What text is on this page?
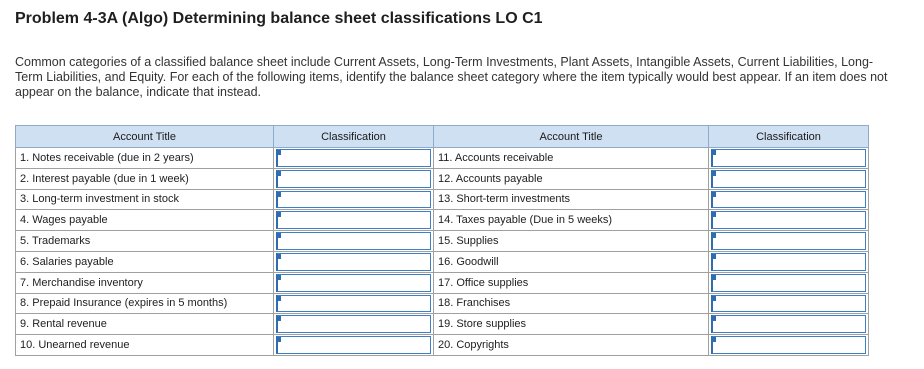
Problem 4-3A (Algo) Determining balance sheet classifications LO C1

Common categories of a classified balance sheet include Current Assets, Long-Term Investments, Plant Assets, Intangible Assets, Current Liabilities, Long-Term Liabilities, and Equity. For each of the following items, identify the balance sheet category where the item typically would best appear. If an item does not appear on the balance, indicate that instead.

Account Title	Classification	Account Title	Classification
1. Notes receivable (due in 2 years)		11. Accounts receivable	

2. Interest payable (due in 1 week)		12. Accounts payable	

3. Long-term investment in stock		13. Short-term investments	

4. Wages payable		14. Taxes payable (Due in 5 weeks)	

5. Trademarks		15. Supplies	

6. Salaries payable		16. Goodwill	

7. Merchandise inventory		17. Office supplies	

8. Prepaid Insurance (expires in 5 months)		18. Franchises	

9. Rental revenue		19. Store supplies	

10. Unearned revenue		20. Copyrights	
